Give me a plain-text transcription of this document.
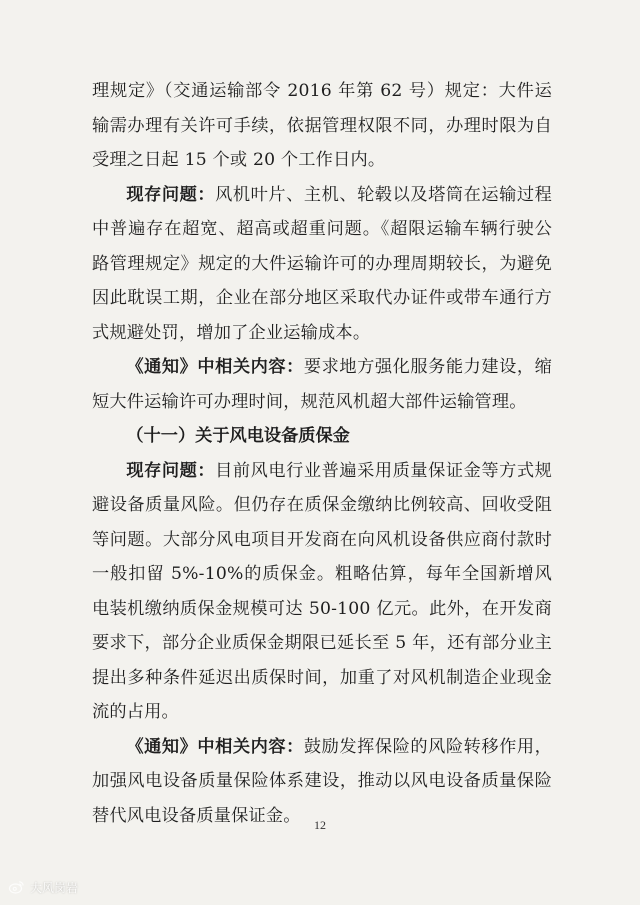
理规定》（交通运输部令 2016 年第 62 号）规定：大件运输需办理有关许可手续，依据管理权限不同，办理时限为自受理之日起 15 个或 20 个工作日内。

现存问题：风机叶片、主机、轮毂以及塔筒在运输过程中普遍存在超宽、超高或超重问题。《超限运输车辆行驶公路管理规定》规定的大件运输许可的办理周期较长，为避免因此耽误工期，企业在部分地区采取代办证件或带车通行方式规避处罚，增加了企业运输成本。

《通知》中相关内容：要求地方强化服务能力建设，缩短大件运输许可办理时间，规范风机超大部件运输管理。

（十一）关于风电设备质保金

现存问题：目前风电行业普遍采用质量保证金等方式规避设备质量风险。但仍存在质保金缴纳比例较高、回收受阻等问题。大部分风电项目开发商在向风机设备供应商付款时一般扣留 5%-10%的质保金。粗略估算，每年全国新增风电装机缴纳质保金规模可达 50-100 亿元。此外，在开发商要求下，部分企业质保金期限已延长至 5 年，还有部分业主提出多种条件延迟出质保时间，加重了对风机制造企业现金流的占用。

《通知》中相关内容：鼓励发挥保险的风险转移作用，加强风电设备质量保险体系建设，推动以风电设备质量保险替代风电设备质量保证金。	12
大风岗岩
